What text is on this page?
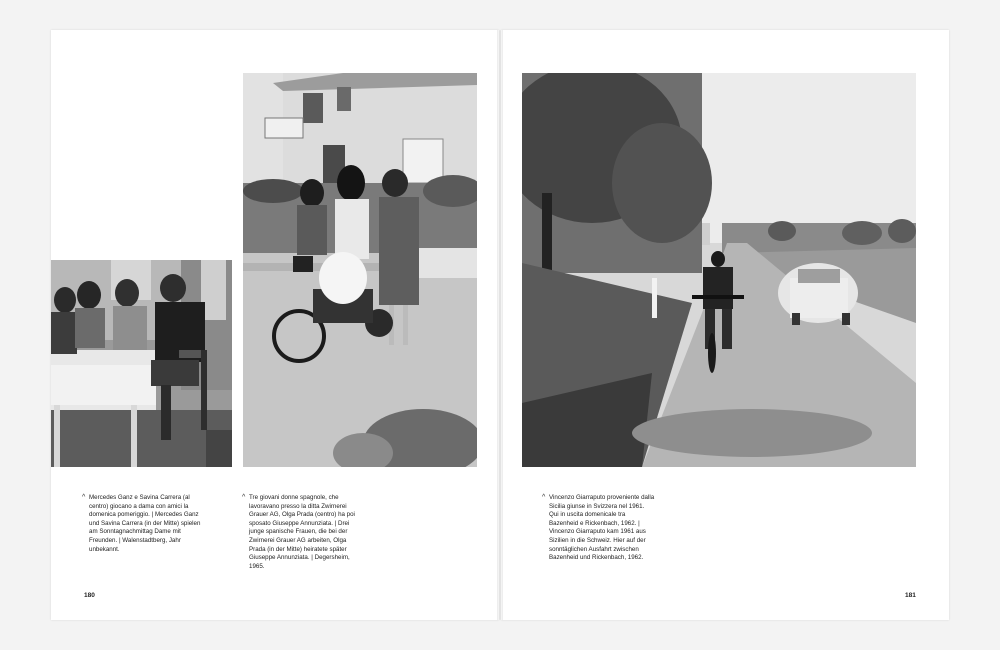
^ Mercedes Ganz e Savina Carrera (al centro) giocano a dama con amici la domenica pomeriggio. | Mercedes Ganz und Savina Carrera (in der Mitte) spielen am Sonntagnachmittag Dame mit Freunden. | Walenstadtberg, Jahr unbekannt.

^ Tre giovani donne spagnole, che lavoravano presso la ditta Zwirnerei Grauer AG, Olga Prada (centro) ha poi sposato Giuseppe Annunziata. | Drei junge spanische Frauen, die bei der Zwirnerei Grauer AG arbeiten, Olga Prada (in der Mitte) heiratete später Giuseppe Annunziata. | Degersheim, 1965.

^ Vincenzo Giarraputo proveniente dalla Sicilia giunse in Svizzera nel 1961. Qui in uscita domenicale tra Bazenheid e Rickenbach, 1962. | Vincenzo Giarraputo kam 1961 aus Sizilien in die Schweiz. Hier auf der sonntäglichen Ausfahrt zwischen Bazenheid und Rickenbach, 1962.

180	181
